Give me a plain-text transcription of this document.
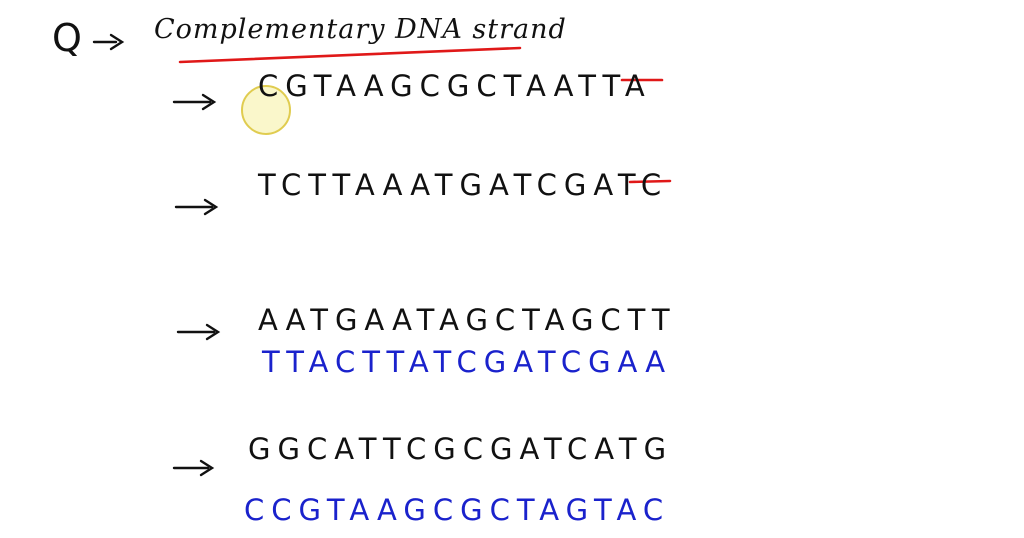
Q	Complementary DNA strand
CGTAAGCGCTAATTA
TCTTAAATGATCGATC
AATGAATAGCTAGCTT
TTACTTATCGATCGAA
GGCATTCGCGATCATG
CCGTAAGCGCTAGTAC
